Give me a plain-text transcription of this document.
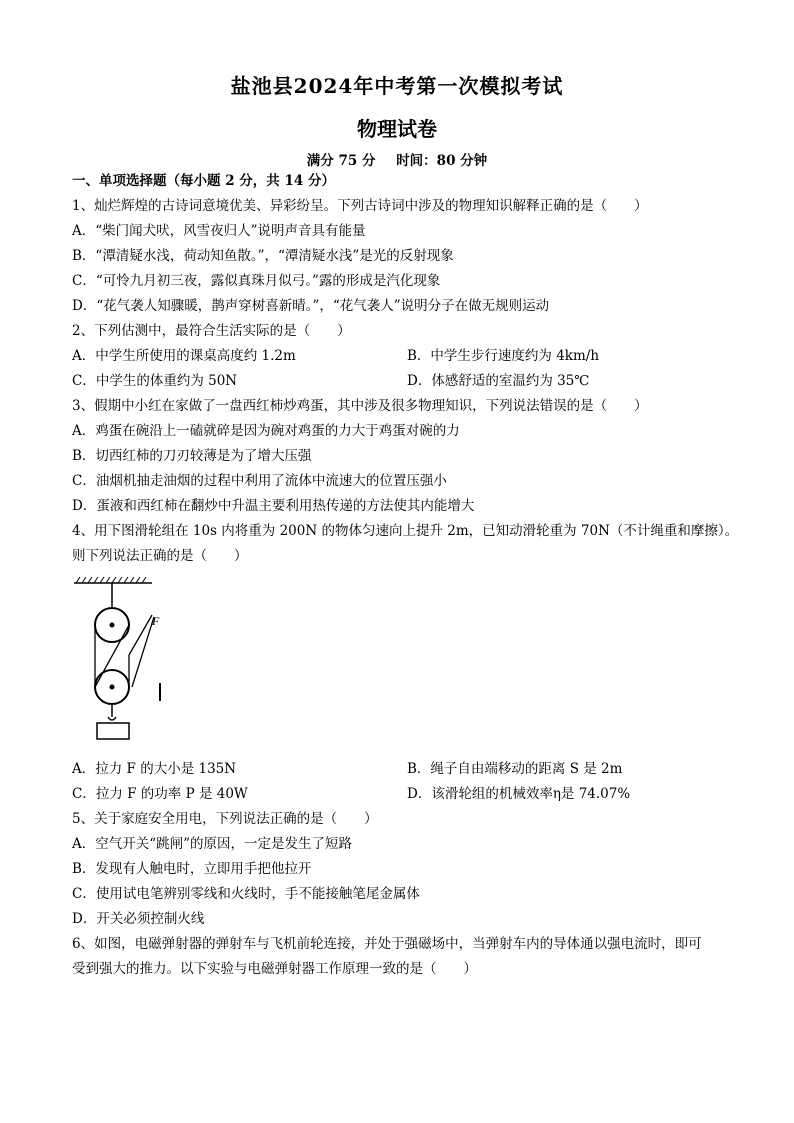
盐池县2024年中考第一次模拟考试
物理试卷
满分 75 分 时间：80 分钟
一、单项选择题（每小题 2 分，共 14 分）
1、灿烂辉煌的古诗词意境优美、异彩纷呈。下列古诗词中涉及的物理知识解释正确的是（　　）
A．“柴门闻犬吠，风雪夜归人”说明声音具有能量
B．“潭清疑水浅，荷动知鱼散。”，“潭清疑水浅”是光的反射现象
C．“可怜九月初三夜，露似真珠月似弓。”露的形成是汽化现象
D．“花气袭人知骤暖，鹊声穿树喜新晴。”，“花气袭人”说明分子在做无规则运动
2、下列估测中，最符合生活实际的是（　　）
A．中学生所使用的课桌高度约 1.2m	B．中学生步行速度约为 4km/h
C．中学生的体重约为 50N	D．体感舒适的室温约为 35℃
3、假期中小红在家做了一盘西红柿炒鸡蛋，其中涉及很多物理知识，下列说法错误的是（　　）
A．鸡蛋在碗沿上一磕就碎是因为碗对鸡蛋的力大于鸡蛋对碗的力
B．切西红柿的刀刃较薄是为了增大压强
C．油烟机抽走油烟的过程中利用了流体中流速大的位置压强小
D．蛋液和西红柿在翻炒中升温主要利用热传递的方法使其内能增大
4、用下图滑轮组在 10s 内将重为 200N 的物体匀速向上提升 2m，已知动滑轮重为 70N（不计绳重和摩擦）。
则下列说法正确的是（　　）
F
A．拉力 F 的大小是 135N	B．绳子自由端移动的距离 S 是 2m
C．拉力 F 的功率 P 是 40W	D．该滑轮组的机械效率η是 74.07%
5、关于家庭安全用电，下列说法正确的是（　　）
A．空气开关“跳闸”的原因，一定是发生了短路
B．发现有人触电时，立即用手把他拉开
C．使用试电笔辨别零线和火线时，手不能接触笔尾金属体
D．开关必须控制火线
6、如图，电磁弹射器的弹射车与飞机前轮连接，并处于强磁场中，当弹射车内的导体通以强电流时，即可
受到强大的推力。以下实验与电磁弹射器工作原理一致的是（　　）
